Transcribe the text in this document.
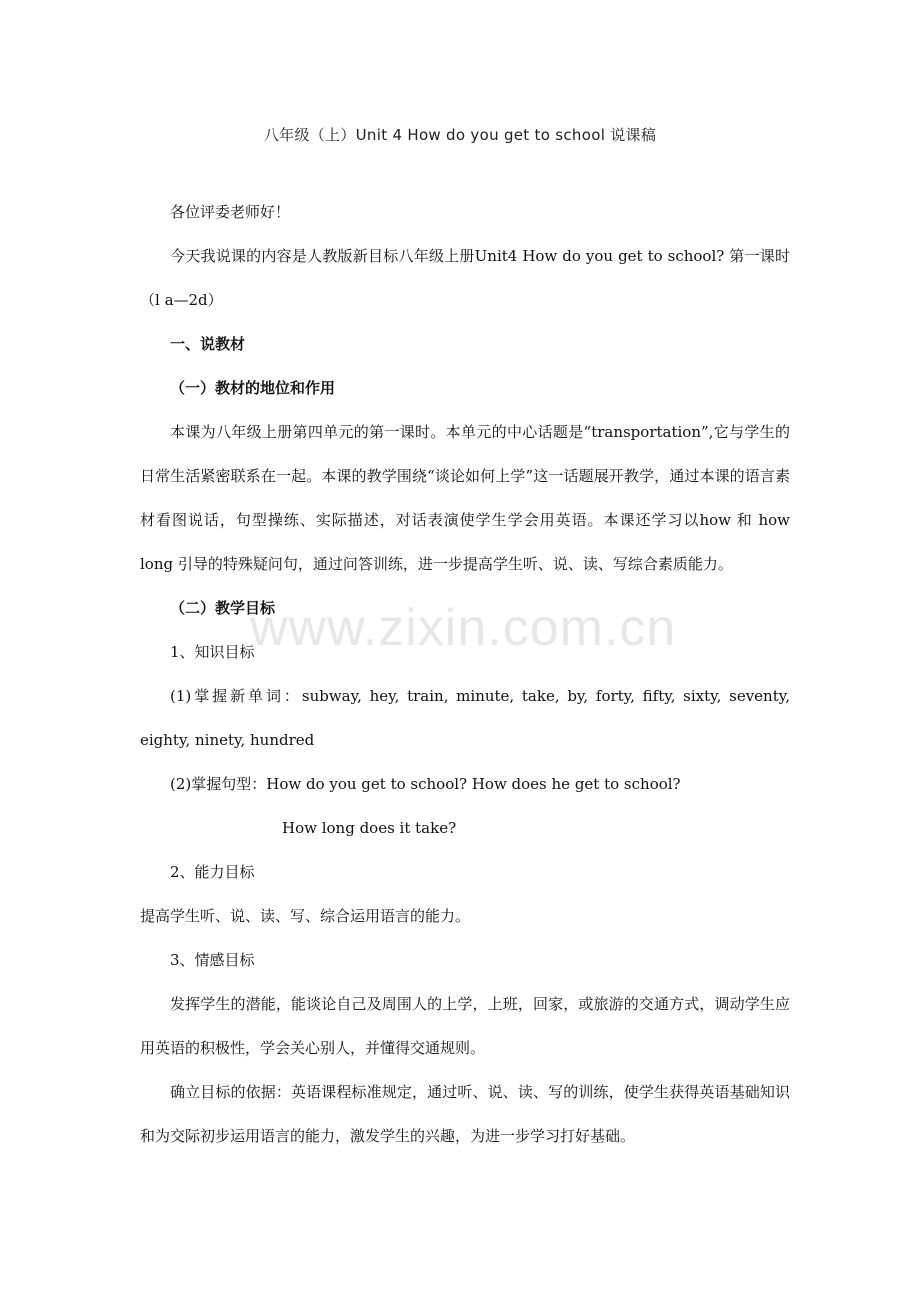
八年级（上）Unit 4 How do you get to school 说课稿

各位评委老师好！

今天我说课的内容是人教版新目标八年级上册Unit4 How do you get to school? 第一课时（l a—2d）

一、说教材

（一）教材的地位和作用

本课为八年级上册第四单元的第一课时。本单元的中心话题是“transportation”,它与学生的日常生活紧密联系在一起。本课的教学围绕“谈论如何上学”这一话题展开教学，通过本课的语言素材看图说话，句型操练、实际描述，对话表演使学生学会用英语。本课还学习以how 和 how long 引导的特殊疑问句，通过问答训练，进一步提高学生听、说、读、写综合素质能力。

（二）教学目标

1、知识目标

(1)掌握新单词：subway, hey, train, minute, take, by, forty, fifty, sixty, seventy, eighty, ninety, hundred

(2)掌握句型：How do you get to school? How does he get to school?

How long does it take?

2、能力目标

提高学生听、说、读、写、综合运用语言的能力。

3、情感目标

发挥学生的潜能，能谈论自己及周围人的上学，上班，回家，或旅游的交通方式，调动学生应用英语的积极性，学会关心别人，并懂得交通规则。

确立目标的依据：英语课程标准规定，通过听、说、读、写的训练，使学生获得英语基础知识和为交际初步运用语言的能力，激发学生的兴趣，为进一步学习打好基础。

www.zixin.com.cn
